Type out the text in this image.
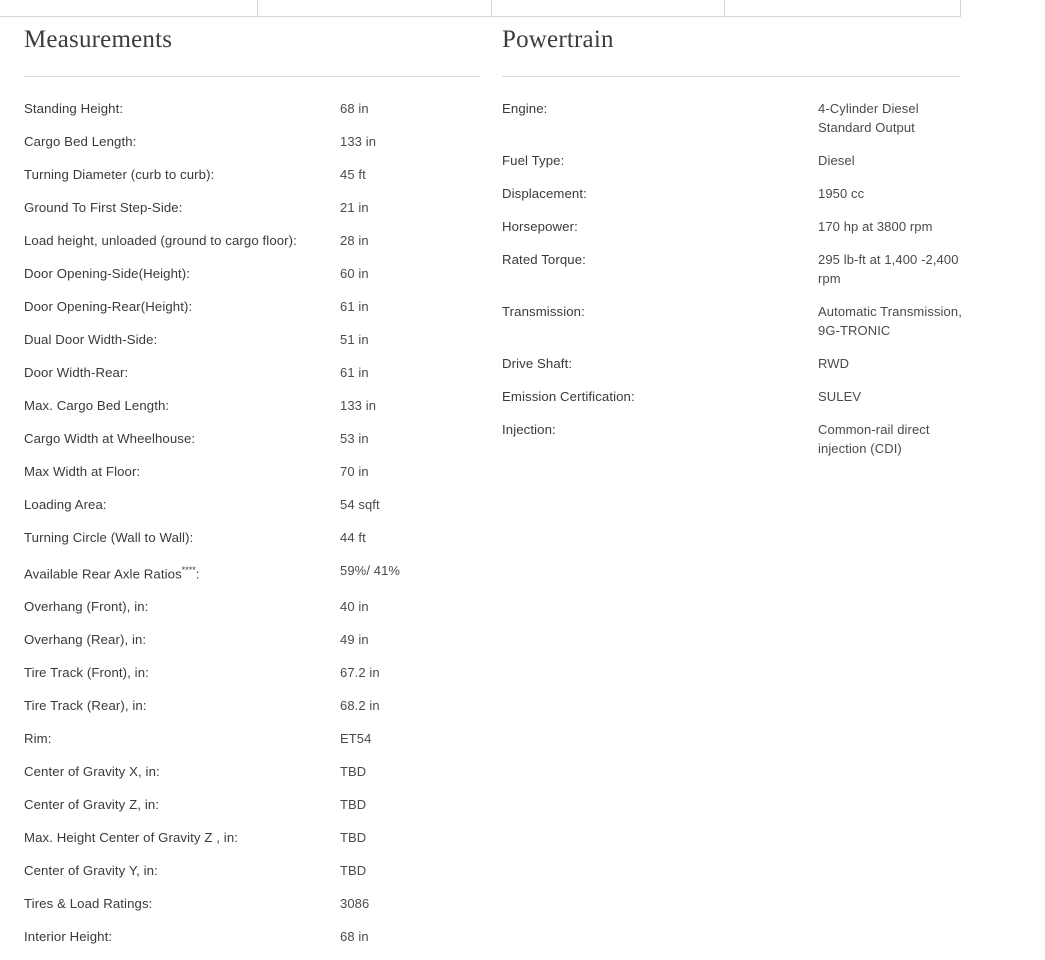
Measurements
Standing Height:	68 in
Cargo Bed Length:	133 in
Turning Diameter (curb to curb):	45 ft
Ground To First Step-Side:	21 in
Load height, unloaded (ground to cargo floor):	28 in
Door Opening-Side(Height):	60 in
Door Opening-Rear(Height):	61 in
Dual Door Width-Side:	51 in
Door Width-Rear:	61 in
Max. Cargo Bed Length:	133 in
Cargo Width at Wheelhouse:	53 in
Max Width at Floor:	70 in
Loading Area:	54 sqft
Turning Circle (Wall to Wall):	44 ft
Available Rear Axle Ratios****:	59%/ 41%
Overhang (Front), in:	40 in
Overhang (Rear), in:	49 in
Tire Track (Front), in:	67.2 in
Tire Track (Rear), in:	68.2 in
Rim:	ET54
Center of Gravity X, in:	TBD
Center of Gravity Z, in:	TBD
Max. Height Center of Gravity Z , in:	TBD
Center of Gravity Y, in:	TBD
Tires & Load Ratings:	3086
Interior Height:	68 in
Powertrain
Engine:	4-Cylinder Diesel Standard Output
Fuel Type:	Diesel
Displacement:	1950 cc
Horsepower:	170 hp at 3800 rpm
Rated Torque:	295 lb-ft at 1,400 -2,400 rpm
Transmission:	Automatic Transmission, 9G-TRONIC
Drive Shaft:	RWD
Emission Certification:	SULEV
Injection:	Common-rail direct injection (CDI)
